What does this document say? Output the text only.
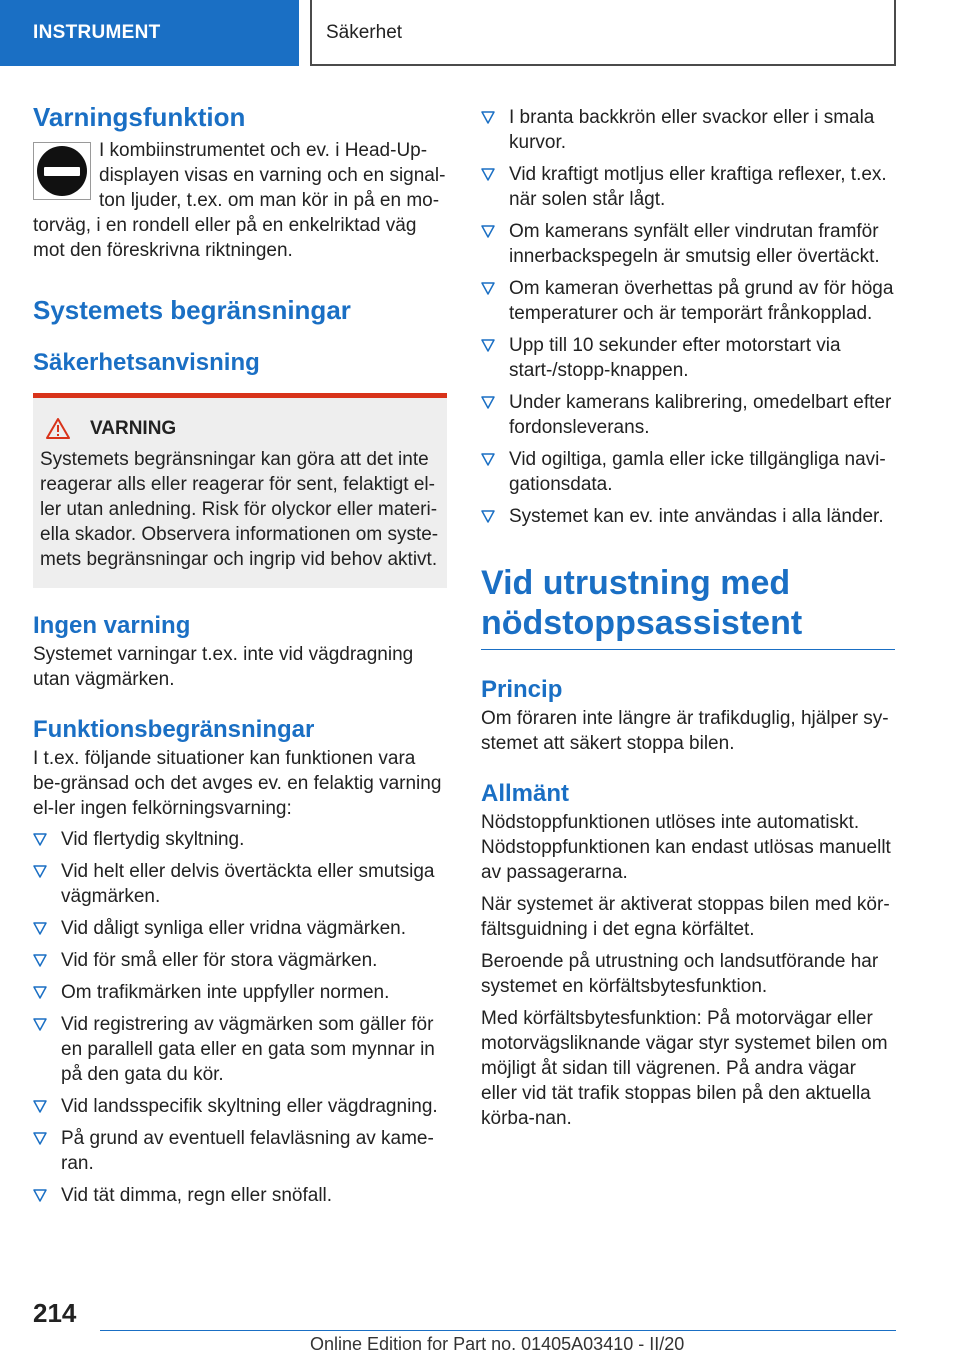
INSTRUMENT	Säkerhet
Varningsfunktion

I kombiinstrumentet och ev. i Head-Up-displayen visas en varning och en signal-ton ljuder, t.ex. om man kör in på en mo-torväg, i en rondell eller på en enkelriktad väg mot den föreskrivna riktningen.

Systemets begränsningar
Säkerhetsanvisning
VARNING

Systemets begränsningar kan göra att det inte reagerar alls eller reagerar för sent, felaktigt el-ler utan anledning. Risk för olyckor eller materi-ella skador. Observera informationen om syste-mets begränsningar och ingrip vid behov aktivt.

Ingen varning

Systemet varningar t.ex. inte vid vägdragning utan vägmärken.

Funktionsbegränsningar

I t.ex. följande situationer kan funktionen vara be-gränsad och det avges ev. en felaktig varning el-ler ingen felkörningsvarning:

Vid flertydig skyltning.
Vid helt eller delvis övertäckta eller smutsiga vägmärken.
Vid dåligt synliga eller vridna vägmärken.
Vid för små eller för stora vägmärken.
Om trafikmärken inte uppfyller normen.
Vid registrering av vägmärken som gäller för en parallell gata eller en gata som mynnar in på den gata du kör.
Vid landsspecifik skyltning eller vägdragning.
På grund av eventuell felavläsning av kame-ran.
Vid tät dimma, regn eller snöfall.
I branta backkrön eller svackor eller i smala kurvor.
Vid kraftigt motljus eller kraftiga reflexer, t.ex. när solen står lågt.
Om kamerans synfält eller vindrutan framför innerbackspegeln är smutsig eller övertäckt.
Om kameran överhettas på grund av för höga temperaturer och är temporärt frånkopplad.
Upp till 10 sekunder efter motorstart via start-/stopp-knappen.
Under kamerans kalibrering, omedelbart efter fordonsleverans.
Vid ogiltiga, gamla eller icke tillgängliga navi-gationsdata.
Systemet kan ev. inte användas i alla länder.
Vid utrustning med
nödstoppsassistent
Princip

Om föraren inte längre är trafikduglig, hjälper sy-stemet att säkert stoppa bilen.

Allmänt

Nödstoppfunktionen utlöses inte automatiskt. Nödstoppfunktionen kan endast utlösas manuellt av passagerarna.

När systemet är aktiverat stoppas bilen med kör-fältsguidning i det egna körfältet.

Beroende på utrustning och landsutförande har systemet en körfältsbytesfunktion.

Med körfältsbytesfunktion: På motorvägar eller motorvägsliknande vägar styr systemet bilen om möjligt åt sidan till vägrenen. På andra vägar eller vid tät trafik stoppas bilen på den aktuella körba-nan.

214
Online Edition for Part no. 01405A03410 - II/20
